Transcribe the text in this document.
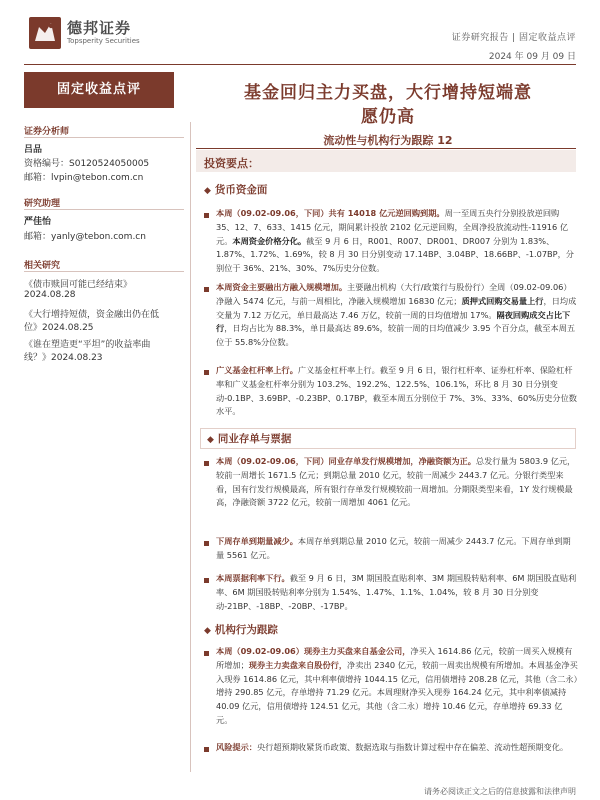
德邦证券
Topsperity Securities	证券研究报告 | 固定收益点评
2024 年 09 月 09 日
固定收益点评
证券分析师
吕品
资格编号：S0120524050005
邮箱：lvpin@tebon.com.cn
研究助理
严佳怡
邮箱：yanly@tebon.com.cn
相关研究
《债市赎回可能已经结束》
2024.08.28
《大行增持短债，资金融出仍在低
位》2024.08.25
《谁在塑造更“平坦”的收益率曲
线？》2024.08.23
基金回归主力买盘，大行增持短端意
愿仍高
流动性与机构行为跟踪 12
投资要点：
◆ 货币资金面
本周（09.02-09.06，下同）共有 14018 亿元逆回购到期。周一至周五央行分别投放逆回购 35、12、7、633、1415 亿元，期间累计投放 2102 亿元逆回购，全周净投放流动性-11916 亿元。本周资金价格分化。截至 9 月 6 日，R001、R007、DR001、DR007 分别为 1.83%、1.87%、1.72%、1.69%，较 8 月 30 日分别变动 17.14BP、3.04BP、18.66BP、-1.07BP，分别位于 36%、21%、30%、7%历史分位数。
本周资金主要融出方融入规模增加。主要融出机构（大行/政策行与股份行）全周（09.02-09.06）净融入 5474 亿元，与前一周相比，净融入规模增加 16830 亿元；质押式回购交易量上行，日均成交量为 7.12 万亿元，单日最高达 7.46 万亿，较前一周的日均值增加 17%。隔夜回购成交占比下行，日均占比为 88.3%，单日最高达 89.6%，较前一周的日均值减少 3.95 个百分点，截至本周五位于 55.8%分位数。
广义基金杠杆率上行。广义基金杠杆率上行。截至 9 月 6 日，银行杠杆率、证券杠杆率、保险杠杆率和广义基金杠杆率分别为 103.2%、192.2%、122.5%、106.1%，环比 8 月 30 日分别变动-0.1BP、3.69BP、-0.23BP、0.17BP，截至本周五分别位于 7%、3%、33%、60%历史分位数水平。
◆ 同业存单与票据
本周（09.02-09.06，下同）同业存单发行规模增加，净融资额为正。总发行量为 5803.9 亿元，较前一周增长 1671.5 亿元；到期总量 2010 亿元，较前一周减少 2443.7 亿元。分银行类型来看，国有行发行规模最高，所有银行存单发行规模较前一周增加。分期限类型来看，1Y 发行规模最高，净融资额 3722 亿元，较前一周增加 4061 亿元。
下周存单到期量减少。本周存单到期总量 2010 亿元，较前一周减少 2443.7 亿元。下周存单到期量 5561 亿元。
本周票据利率下行。截至 9 月 6 日，3M 期国股直贴利率、3M 期国股转贴利率、6M 期国股直贴利率、6M 期国股转贴利率分别为 1.54%、1.47%、1.1%、1.04%，较 8 月 30 日分别变动-21BP、-18BP、-20BP、-17BP。
◆ 机构行为跟踪
本周（09.02-09.06）现券主力买盘来自基金公司，净买入 1614.86 亿元，较前一周买入规模有所增加；现券主力卖盘来自股份行，净卖出 2340 亿元，较前一周卖出规模有所增加。本周基金净买入现券 1614.86 亿元，其中利率债增持 1044.15 亿元，信用债增持 208.28 亿元，其他（含二永）增持 290.85 亿元，存单增持 71.29 亿元。本周理财净买入现券 164.24 亿元，其中利率债减持 40.09 亿元，信用债增持 124.51 亿元，其他（含二永）增持 10.46 亿元，存单增持 69.33 亿元。
风险提示：央行超预期收紧货币政策、数据选取与指数计算过程中存在偏差、流动性超预期变化。
请务必阅读正文之后的信息披露和法律声明
